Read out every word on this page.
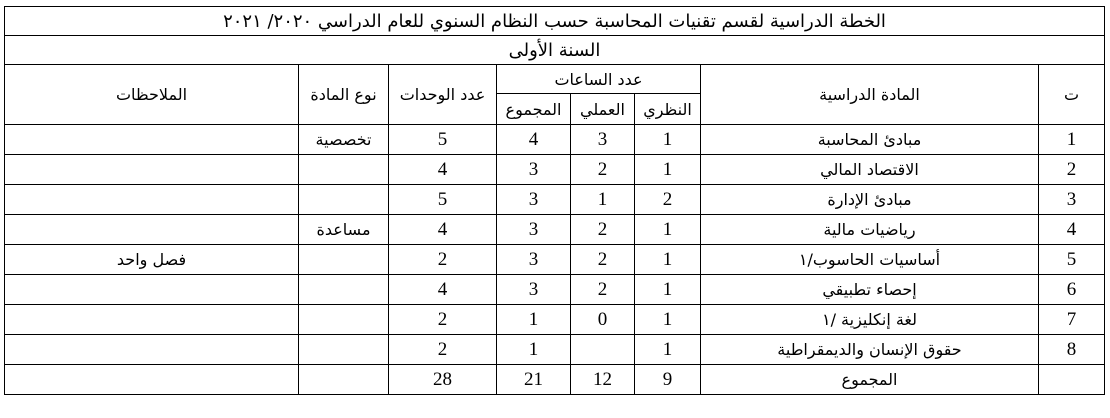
الخطة الدراسية لقسم تقنيات المحاسبة حسب النظام السنوي للعام الدراسي ٢٠٢٠/ ٢٠٢١							
السنة الأولى							
ت	المادة الدراسية	عدد الساعات			عدد الوحدات	نوع المادة	الملاحظات
		النظري	العملي	المجموع			
1	مبادئ المحاسبة	1	3	4	5	تخصصية	
2	الاقتصاد المالي	1	2	3	4		
3	مبادئ الإدارة	2	1	3	5		
4	رياضيات مالية	1	2	3	4	مساعدة	
5	أساسيات الحاسوب/١	1	2	3	2		فصل واحد
6	إحصاء تطبيقي	1	2	3	4		
7	لغة إنكليزية /١	1	0	1	2		
8	حقوق الإنسان والديمقراطية	1		1	2		
	المجموع	9	12	21	28		
